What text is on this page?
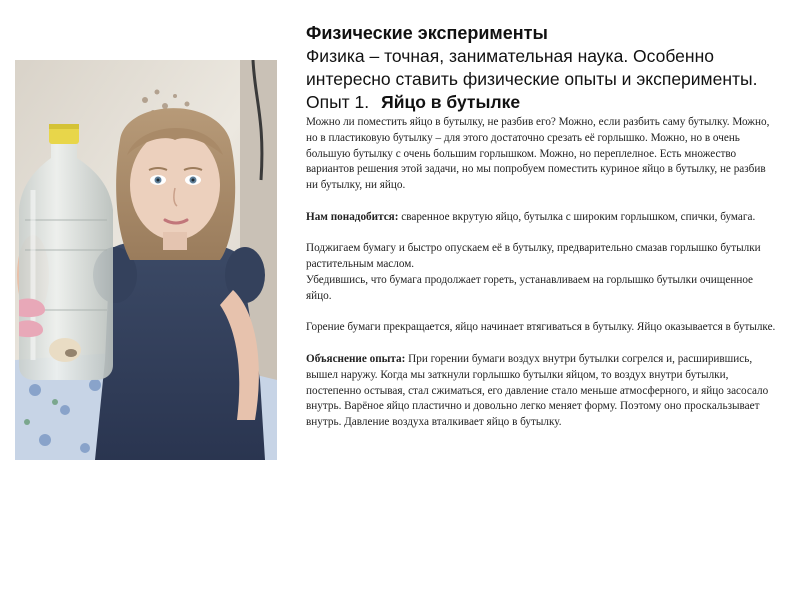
Физические эксперименты

Физика – точная, занимательная наука. Особенно интересно ставить физические опыты и эксперименты.

Опыт 1. Яйцо в бутылке

Можно ли поместить яйцо в бутылку, не разбив его? Можно, если разбить саму бутылку. Можно, но в пластиковую бутылку – для этого достаточно срезать её горлышко. Можно, но в очень большую бутылку с очень большим горлышком. Можно, но переплелное. Есть множество вариантов решения этой задачи, но мы попробуем поместить куриное яйцо в бутылку, не разбив ни бутылку, ни яйцо.

Нам понадобится: сваренное вкрутую яйцо, бутылка с широким горлышком, спички, бумага.

Поджигаем бумагу и быстро опускаем её в бутылку, предварительно смазав горлышко бутылки растительным маслом.

Убедившись, что бумага продолжает гореть, устанавливаем на горлышко бутылки очищенное яйцо.

Горение бумаги прекращается, яйцо начинает втягиваться в бутылку. Яйцо оказывается в бутылке.

Объяснение опыта: При горении бумаги воздух внутри бутылки согрелся и, расширившись, вышел наружу. Когда мы заткнули горлышко бутылки яйцом, то воздух внутри бутылки, постепенно остывая, стал сжиматься, его давление стало меньше атмосферного, и яйцо засосало внутрь. Варёное яйцо пластично и довольно легко меняет форму. Поэтому оно проскальзывает внутрь. Давление воздуха вталкивает яйцо в бутылку.
